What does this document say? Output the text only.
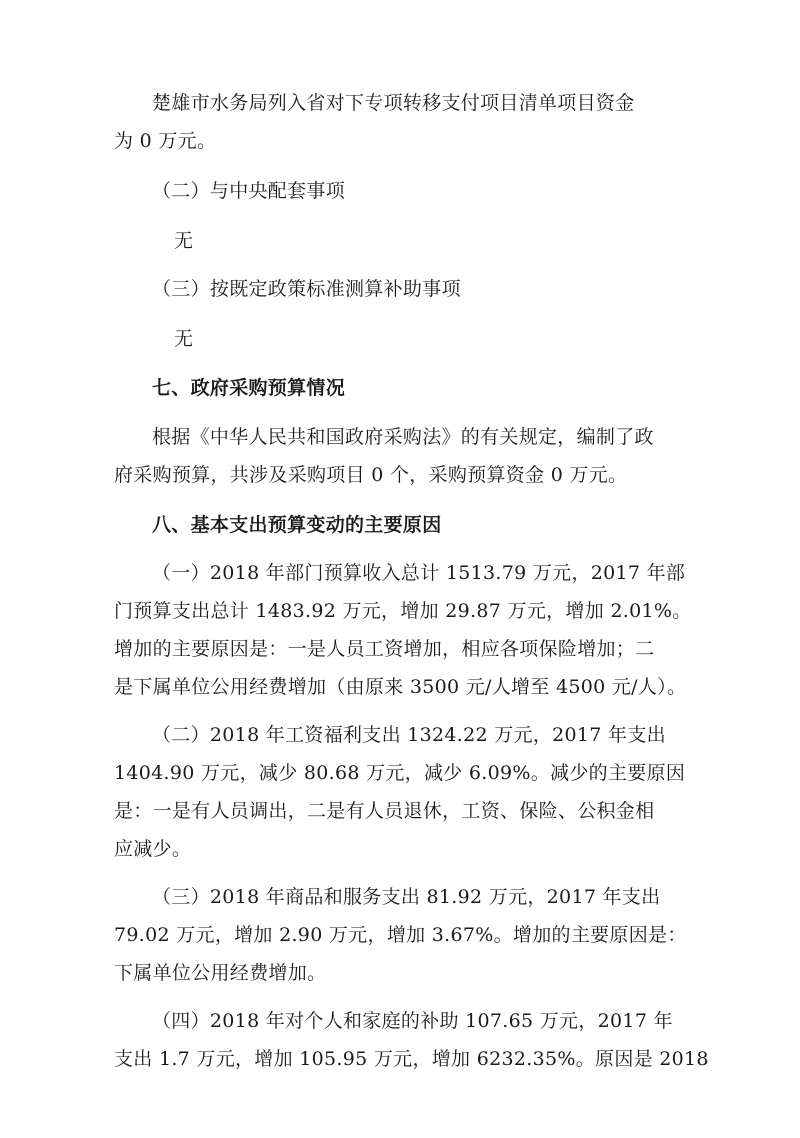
楚雄市水务局列入省对下专项转移支付项目清单项目资金
为 0 万元。
（二）与中央配套事项
无
（三）按既定政策标准测算补助事项
无
七、政府采购预算情况
根据《中华人民共和国政府采购法》的有关规定，编制了政
府采购预算，共涉及采购项目 0 个，采购预算资金 0 万元。
八、基本支出预算变动的主要原因
（一）2018 年部门预算收入总计 1513.79 万元，2017 年部
门预算支出总计 1483.92 万元，增加 29.87 万元，增加 2.01%。
增加的主要原因是：一是人员工资增加，相应各项保险增加；二
是下属单位公用经费增加（由原来 3500 元/人增至 4500 元/人）。
（二）2018 年工资福利支出 1324.22 万元，2017 年支出
1404.90 万元，减少 80.68 万元，减少 6.09%。减少的主要原因
是：一是有人员调出，二是有人员退休，工资、保险、公积金相
应减少。
（三）2018 年商品和服务支出 81.92 万元，2017 年支出
79.02 万元，增加 2.90 万元，增加 3.67%。增加的主要原因是：
下属单位公用经费增加。
（四）2018 年对个人和家庭的补助 107.65 万元，2017 年
支出 1.7 万元，增加 105.95 万元，增加 6232.35%。原因是 2018
